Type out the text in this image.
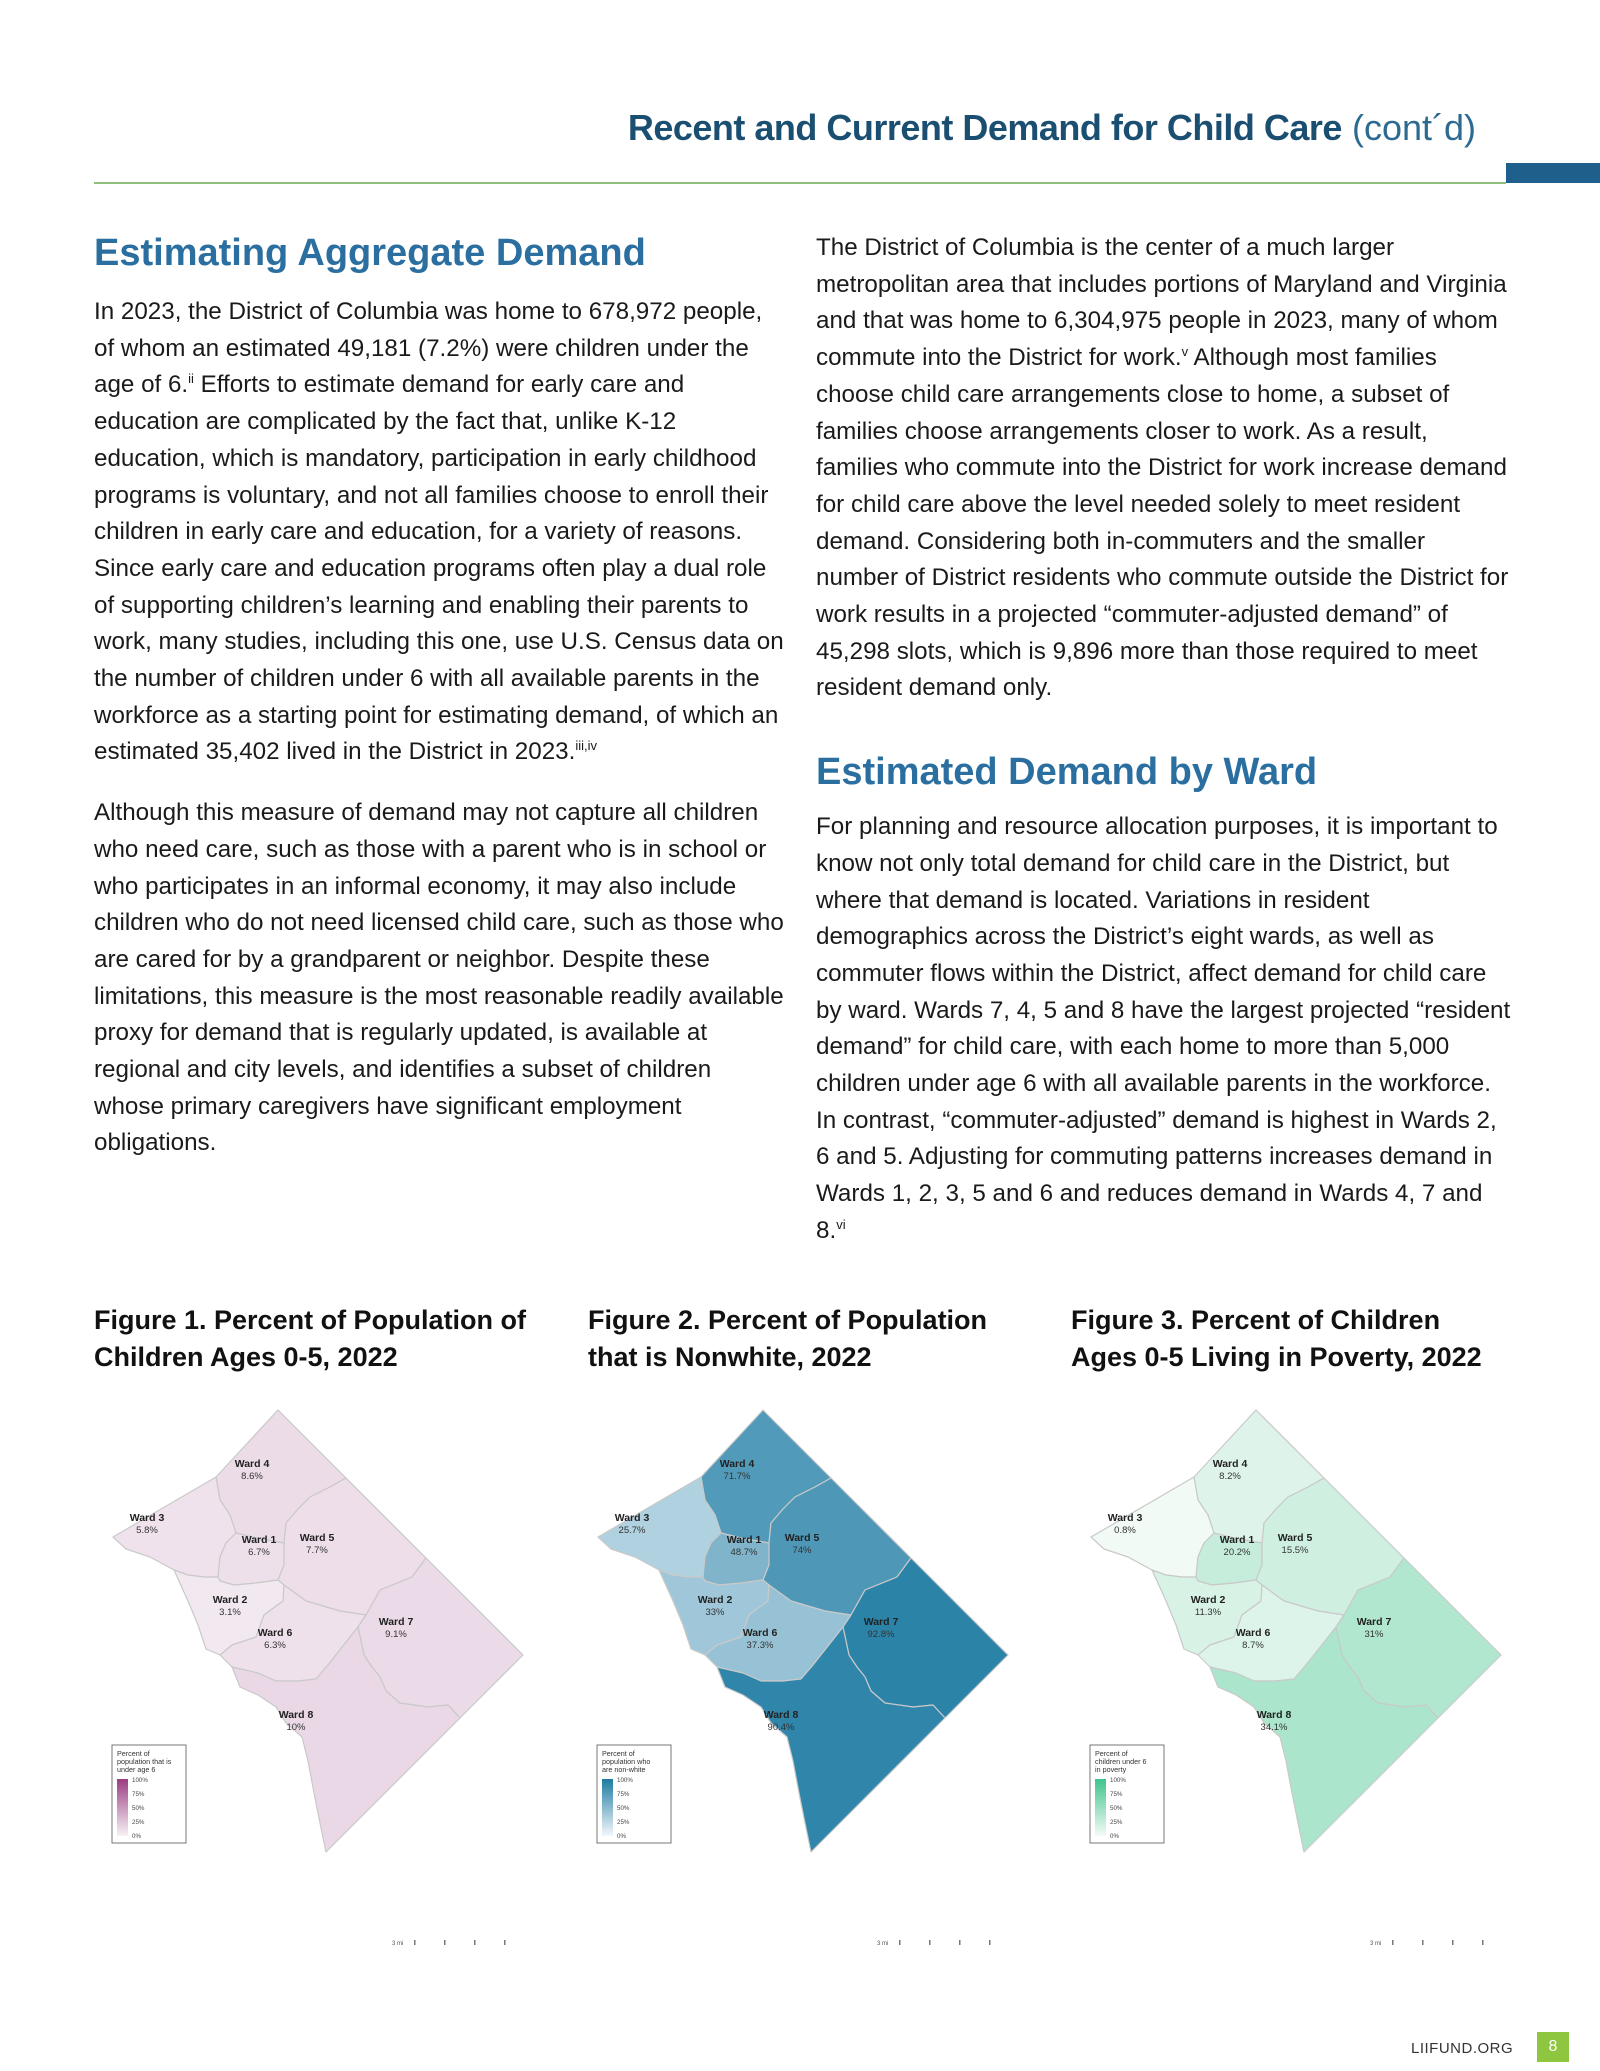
Recent and Current Demand for Child Care (cont´d)
Estimating Aggregate Demand

In 2023, the District of Columbia was home to 678,972 people, of whom an estimated 49,181 (7.2%) were children under the age of 6.$^{ii}$ Efforts to estimate demand for early care and education are complicated by the fact that, unlike K-12 education, which is mandatory, participation in early childhood programs is voluntary, and not all families choose to enroll their children in early care and education, for a variety of reasons. Since early care and education programs often play a dual role of supporting children’s learning and enabling their parents to work, many studies, including this one, use U.S. Census data on the number of children under 6 with all available parents in the workforce as a starting point for estimating demand, of which an estimated 35,402 lived in the District in 2023.$^{iii,iv}$

Although this measure of demand may not capture all children who need care, such as those with a parent who is in school or who participates in an informal economy, it may also include children who do not need licensed child care, such as those who are cared for by a grandparent or neighbor. Despite these limitations, this measure is the most reasonable readily available proxy for demand that is regularly updated, is available at regional and city levels, and identifies a subset of children whose primary caregivers have significant employment obligations.

The District of Columbia is the center of a much larger metropolitan area that includes portions of Maryland and Virginia and that was home to 6,304,975 people in 2023, many of whom commute into the District for work.$^v$ Although most families choose child care arrangements close to home, a subset of families choose arrangements closer to work. As a result, families who commute into the District for work increase demand for child care above the level needed solely to meet resident demand. Considering both in-commuters and the smaller number of District residents who commute outside the District for work results in a projected “commuter-adjusted demand” of 45,298 slots, which is 9,896 more than those required to meet resident demand only.

Estimated Demand by Ward

For planning and resource allocation purposes, it is important to know not only total demand for child care in the District, but where that demand is located. Variations in resident demographics across the District’s eight wards, as well as commuter flows within the District, affect demand for child care by ward. Wards 7, 4, 5 and 8 have the largest projected “resident demand” for child care, with each home to more than 5,000 children under age 6 with all available parents in the workforce. In contrast, “commuter-adjusted” demand is highest in Wards 2, 6 and 5. Adjusting for commuting patterns increases demand in Wards 1, 2, 3, 5 and 6 and reduces demand in Wards 4, 7 and 8.$^{vi}$

Figure 1. Percent of Population of
Children Ages 0-5, 2022
Figure 2. Percent of Population
that is Nonwhite, 2022
Figure 3. Percent of Children
Ages 0-5 Living in Poverty, 2022
Ward 4
8.6%
Ward 3
5.8%
Ward 1
6.7%
Ward 5
7.7%
Ward 2
3.1%
Ward 6
6.3%
Ward 7
9.1%
Ward 8
10%
Percent of
population that is
under age 6
100%
75%
50%
25%
0%
3 mi
Ward 4
71.7%
Ward 3
25.7%
Ward 1
48.7%
Ward 5
74%
Ward 2
33%
Ward 6
37.3%
Ward 7
92.8%
Ward 8
90.4%
Percent of
population who
are non-white
100%
75%
50%
25%
0%
3 mi
Ward 4
8.2%
Ward 3
0.8%
Ward 1
20.2%
Ward 5
15.5%
Ward 2
11.3%
Ward 6
8.7%
Ward 7
31%
Ward 8
34.1%
Percent of
children under 6
in poverty
100%
75%
50%
25%
0%
3 mi
LIIFUND.ORG	8
